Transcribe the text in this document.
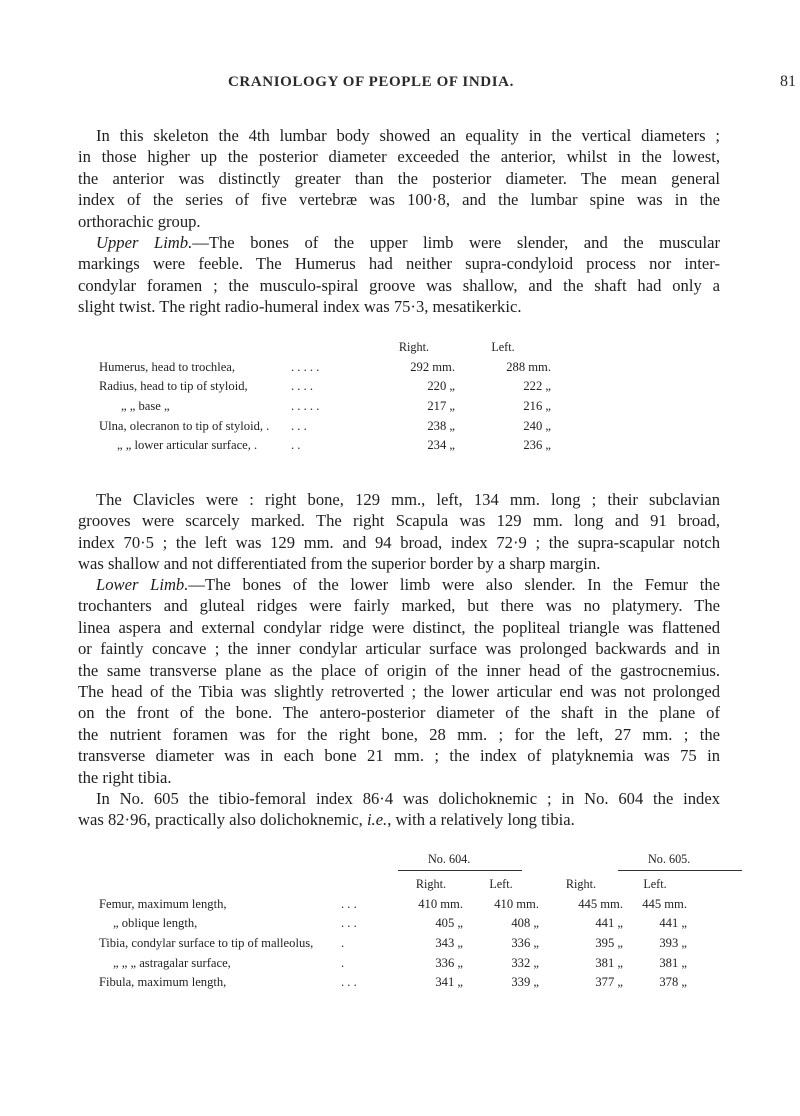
CRANIOLOGY OF PEOPLE OF INDIA.	81
In this skeleton the 4th lumbar body showed an equality in the vertical diameters ;
in those higher up the posterior diameter exceeded the anterior, whilst in the lowest,
the anterior was distinctly greater than the posterior diameter. The mean general
index of the series of five vertebræ was 100·8, and the lumbar spine was in the
orthorachic group.
Upper Limb.—The bones of the upper limb were slender, and the muscular
markings were feeble. The Humerus had neither supra-condyloid process nor inter-
condylar foramen ; the musculo-spiral groove was shallow, and the shaft had only a
slight twist. The right radio-humeral index was 75·3, mesatikerkic.
		Right.	Left.
Humerus, head to trochlea,	. . . . .	292 mm.	288 mm.
Radius, head to tip of styloid,	. . . .	220 „	222 „
„ „ base „	. . . . .	217 „	216 „
Ulna, olecranon to tip of styloid, .	. . .	238 „	240 „
„ „ lower articular surface, .	. .	234 „	236 „
The Clavicles were : right bone, 129 mm., left, 134 mm. long ; their subclavian
grooves were scarcely marked. The right Scapula was 129 mm. long and 91 broad,
index 70·5 ; the left was 129 mm. and 94 broad, index 72·9 ; the supra-scapular notch
was shallow and not differentiated from the superior border by a sharp margin.
Lower Limb.—The bones of the lower limb were also slender. In the Femur the
trochanters and gluteal ridges were fairly marked, but there was no platymery. The
linea aspera and external condylar ridge were distinct, the popliteal triangle was flattened
or faintly concave ; the inner condylar articular surface was prolonged backwards and in
the same transverse plane as the place of origin of the inner head of the gastrocnemius.
The head of the Tibia was slightly retroverted ; the lower articular end was not prolonged
on the front of the bone. The antero-posterior diameter of the shaft in the plane of
the nutrient foramen was for the right bone, 28 mm. ; for the left, 27 mm. ; the
transverse diameter was in each bone 21 mm. ; the index of platyknemia was 75 in
the right tibia.
In No. 605 the tibio-femoral index 86·4 was dolichoknemic ; in No. 604 the index
was 82·96, practically also dolichoknemic, i.e., with a relatively long tibia.
No. 604.	No. 605.
		Right.	Left.	Right.	Left.
Femur, maximum length,	. . .	410 mm.	410 mm.	445 mm.	445 mm.
„ oblique length,	. . .	405 „	408 „	441 „	441 „
Tibia, condylar surface to tip of malleolus,	.	343 „	336 „	395 „	393 „
„ „ „ astragalar surface,	.	336 „	332 „	381 „	381 „
Fibula, maximum length,	. . .	341 „	339 „	377 „	378 „
